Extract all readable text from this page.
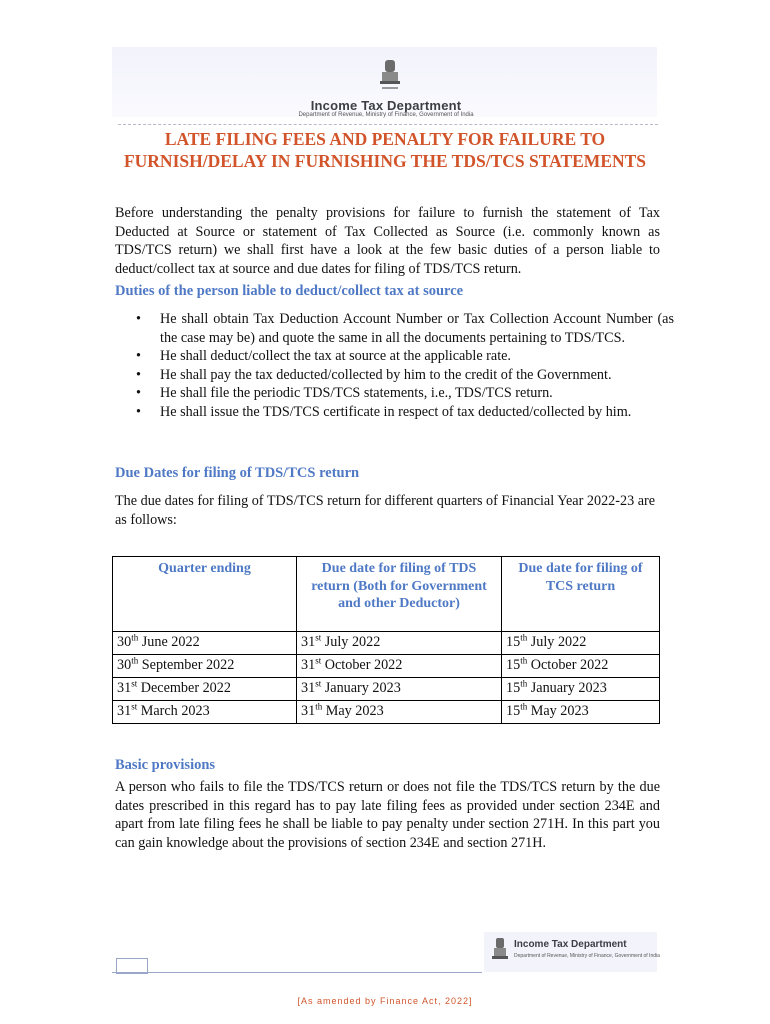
Income Tax Department
Department of Revenue, Ministry of Finance, Government of India
LATE FILING FEES AND PENALTY FOR FAILURE TO
FURNISH/DELAY IN FURNISHING THE TDS/TCS STATEMENTS

Before understanding the penalty provisions for failure to furnish the statement of Tax Deducted at Source or statement of Tax Collected as Source (i.e. commonly known as TDS/TCS return) we shall first have a look at the few basic duties of a person liable to deduct/collect tax at source and due dates for filing of TDS/TCS return.

Duties of the person liable to deduct/collect tax at source
• He shall obtain Tax Deduction Account Number or Tax Collection Account Number (as the case may be) and quote the same in all the documents pertaining to TDS/TCS.
• He shall deduct/collect the tax at source at the applicable rate.
• He shall pay the tax deducted/collected by him to the credit of the Government.
• He shall file the periodic TDS/TCS statements, i.e., TDS/TCS return.
• He shall issue the TDS/TCS certificate in respect of tax deducted/collected by him.
Due Dates for filing of TDS/TCS return

The due dates for filing of TDS/TCS return for different quarters of Financial Year 2022-23 are as follows:

Quarter ending	Due date for filing of TDS return (Both for Government and other Deductor)	Due date for filing of TCS return
30th June 2022	31st July 2022	15th July 2022
30th September 2022	31st October 2022	15th October 2022
31st December 2022	31st January 2023	15th January 2023
31st March 2023	31th May 2023	15th May 2023
Basic provisions

A person who fails to file the TDS/TCS return or does not file the TDS/TCS return by the due dates prescribed in this regard has to pay late filing fees as provided under section 234E and apart from late filing fees he shall be liable to pay penalty under section 271H. In this part you can gain knowledge about the provisions of section 234E and section 271H.

Income Tax Department
Department of Revenue, Ministry of Finance, Government of India
[As amended by Finance Act, 2022]
